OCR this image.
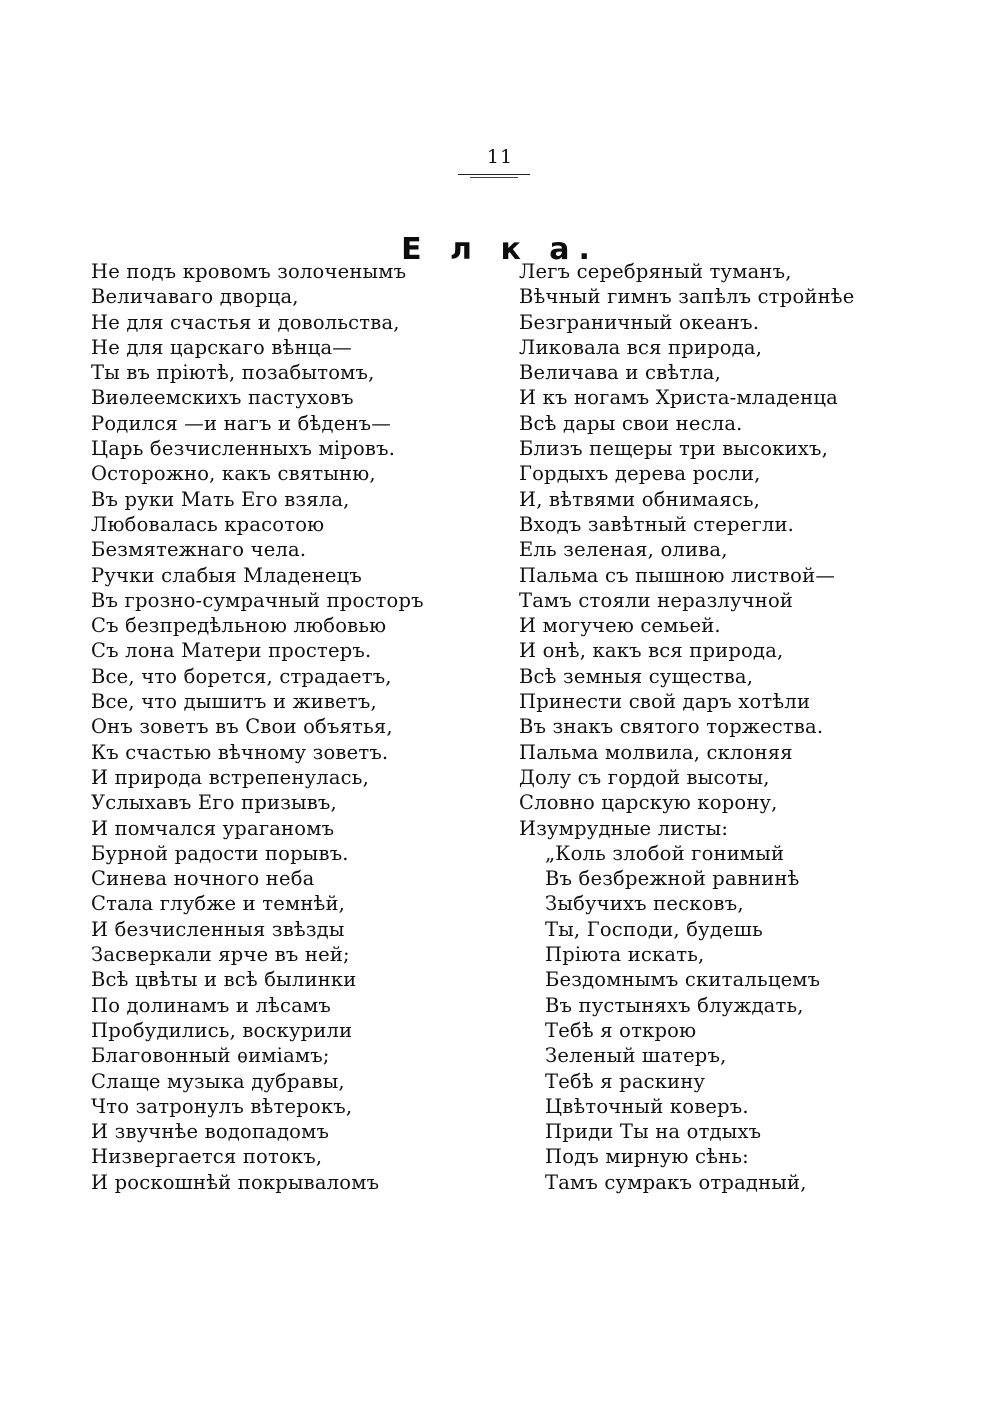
11
Е л к а.
Не подъ кровомъ золоченымъ
Величаваго дворца,
Не для счастья и довольства,
Не для царскаго вѣнца—
Ты въ пріютѣ, позабытомъ,
Виѳлеемскихъ пастуховъ
Родился —и нагъ и бѣденъ—
Царь безчисленныхъ міровъ.
Осторожно, какъ святыню,
Въ руки Мать Его взяла,
Любовалась красотою
Безмятежнаго чела.
Ручки слабыя Младенецъ
Въ грозно-сумрачный просторъ
Съ безпредѣльною любовью
Съ лона Матери простеръ.
Все, что борется, страдаетъ,
Все, что дышитъ и живетъ,
Онъ зоветъ въ Свои объятья,
Къ счастью вѣчному зоветъ.
И природа встрепенулась,
Услыхавъ Его призывъ,
И помчался ураганомъ
Бурной радости порывъ.
Синева ночного неба
Стала глубже и темнѣй,
И безчисленныя звѣзды
Засверкали ярче въ ней;
Всѣ цвѣты и всѣ былинки
По долинамъ и лѣсамъ
Пробудились, воскурили
Благовонный ѳиміамъ;
Слаще музыка дубравы,
Что затронулъ вѣтерокъ,
И звучнѣе водопадомъ
Низвергается потокъ,
И роскошнѣй покрываломъ
Легъ серебряный туманъ,
Вѣчный гимнъ запѣлъ стройнѣе
Безграничный океанъ.
Ликовала вся природа,
Величава и свѣтла,
И къ ногамъ Христа-младенца
Всѣ дары свои несла.
Близъ пещеры три высокихъ,
Гордыхъ дерева росли,
И, вѣтвями обнимаясь,
Входъ завѣтный стерегли.
Ель зеленая, олива,
Пальма съ пышною листвой—
Тамъ стояли неразлучной
И могучею семьей.
И онѣ, какъ вся природа,
Всѣ земныя существа,
Принести свой даръ хотѣли
Въ знакъ святого торжества.
Пальма молвила, склоняя
Долу съ гордой высоты,
Словно царскую корону,
Изумрудные листы:
„Коль злобой гонимый
Въ безбрежной равнинѣ
Зыбучихъ песковъ,
Ты, Господи, будешь
Пріюта искать,
Бездомнымъ скитальцемъ
Въ пустыняхъ блуждать,
Тебѣ я открою
Зеленый шатеръ,
Тебѣ я раскину
Цвѣточный коверъ.
Приди Ты на отдыхъ
Подъ мирную сѣнь:
Тамъ сумракъ отрадный,
